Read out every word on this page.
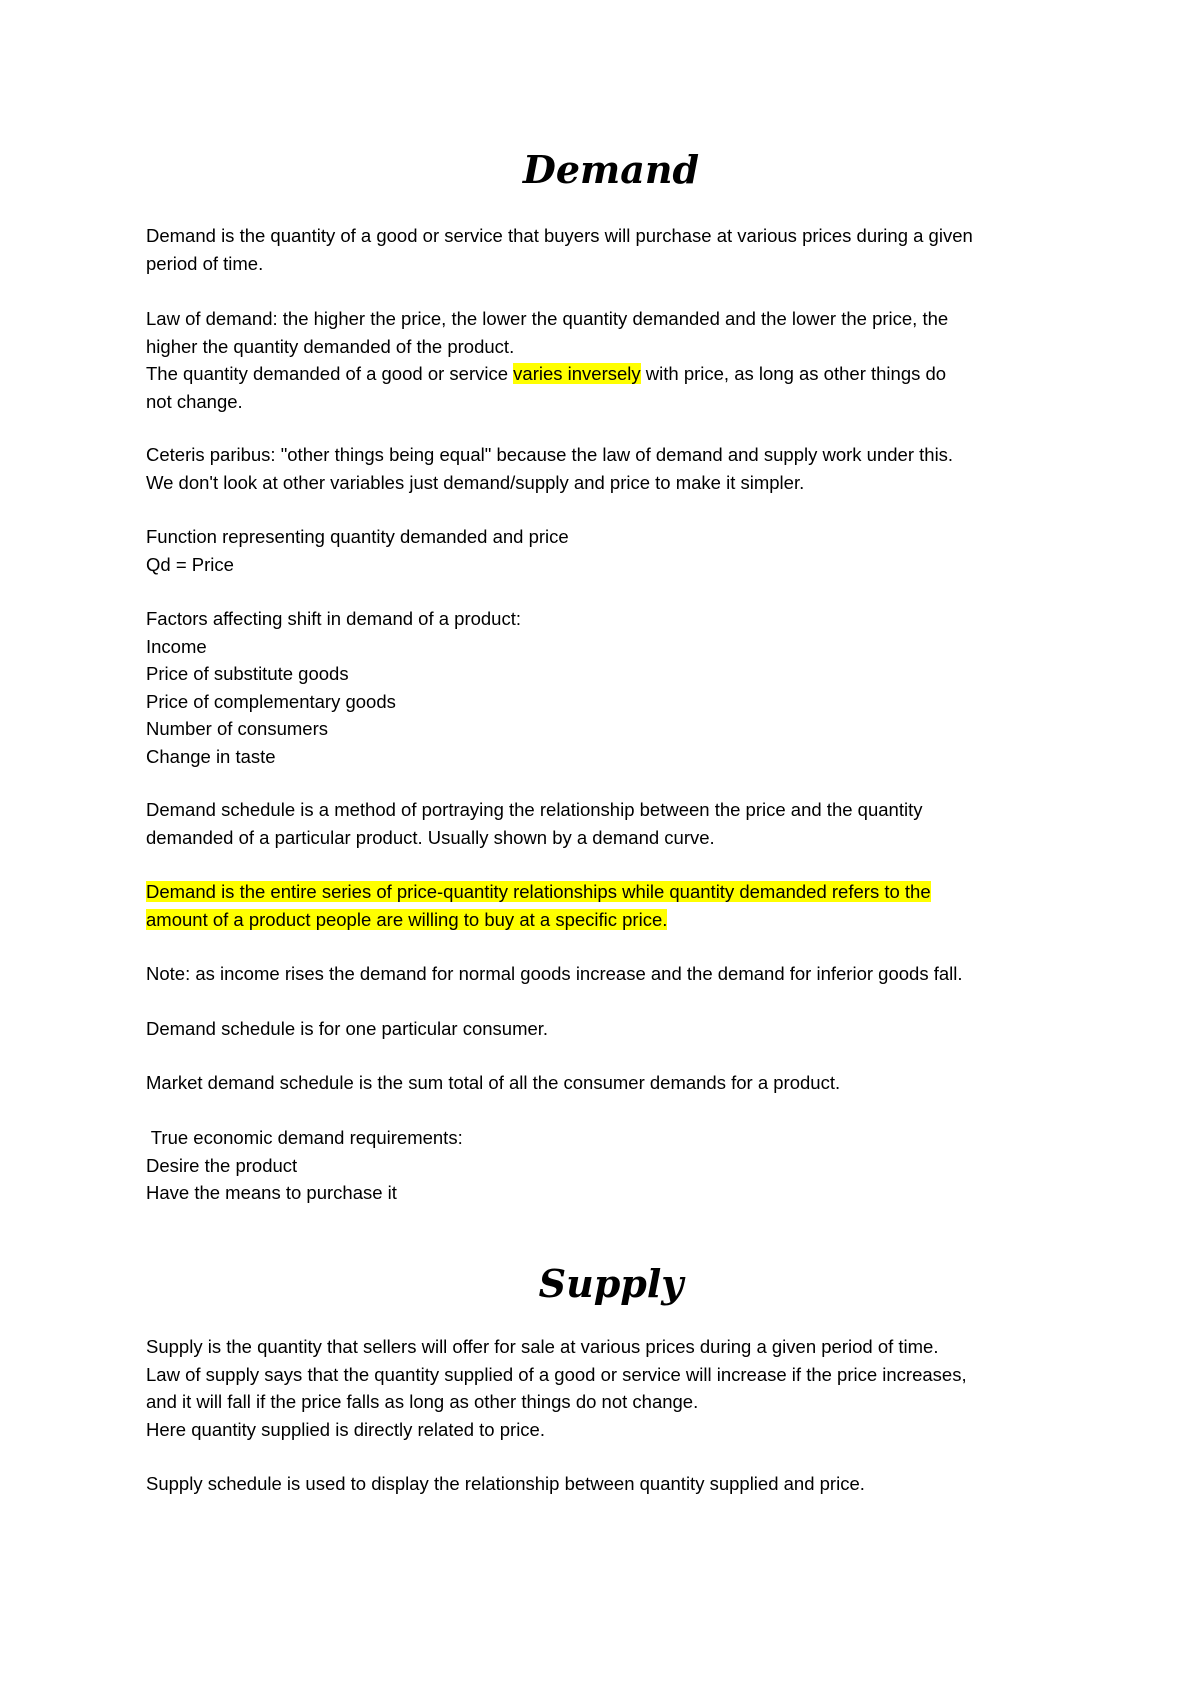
Demand

Demand is the quantity of a good or service that buyers will purchase at various prices during a given
period of time.

Law of demand: the higher the price, the lower the quantity demanded and the lower the price, the
higher the quantity demanded of the product.
The quantity demanded of a good or service varies inversely with price, as long as other things do
not change.

Ceteris paribus: "other things being equal" because the law of demand and supply work under this.
We don't look at other variables just demand/supply and price to make it simpler.

Function representing quantity demanded and price
Qd = Price

Factors affecting shift in demand of a product:
Income
Price of substitute goods
Price of complementary goods
Number of consumers
Change in taste

Demand schedule is a method of portraying the relationship between the price and the quantity
demanded of a particular product. Usually shown by a demand curve.

Demand is the entire series of price-quantity relationships while quantity demanded refers to the
amount of a product people are willing to buy at a specific price.

Note: as income rises the demand for normal goods increase and the demand for inferior goods fall.

Demand schedule is for one particular consumer.

Market demand schedule is the sum total of all the consumer demands for a product.

True economic demand requirements:
Desire the product
Have the means to purchase it

Supply

Supply is the quantity that sellers will offer for sale at various prices during a given period of time.
Law of supply says that the quantity supplied of a good or service will increase if the price increases,
and it will fall if the price falls as long as other things do not change.
Here quantity supplied is directly related to price.

Supply schedule is used to display the relationship between quantity supplied and price.
